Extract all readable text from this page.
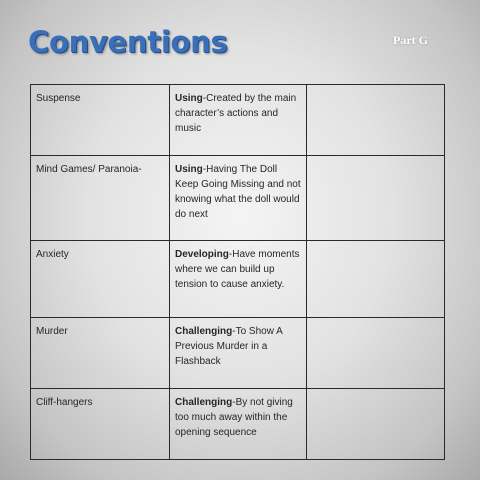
Conventions	Part G
Suspense	Using-Created by the main character’s actions and music	
Mind Games/ Paranoia-	Using-Having The Doll Keep Going Missing and not knowing what the doll would do next	
Anxiety	Developing-Have moments where we can build up tension to cause anxiety.	
Murder	Challenging-To Show A Previous Murder in a Flashback	
Cliff-hangers	Challenging-By not giving too much away within the opening sequence	
